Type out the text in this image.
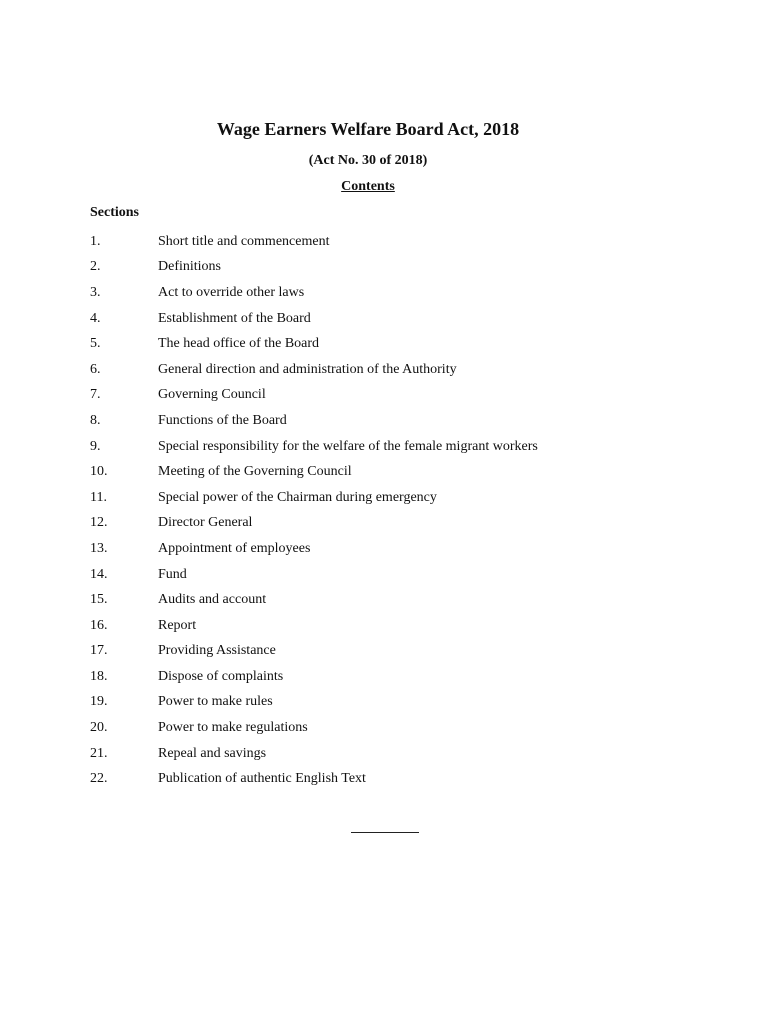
Wage Earners Welfare Board Act, 2018
(Act No. 30 of 2018)
Contents
Sections
1.	Short title and commencement
2.	Definitions
3.	Act to override other laws
4.	Establishment of the Board
5.	The head office of the Board
6.	General direction and administration of the Authority
7.	Governing Council
8.	Functions of the Board
9.	Special responsibility for the welfare of the female migrant workers
10.	Meeting of the Governing Council
11.	Special power of the Chairman during emergency
12.	Director General
13.	Appointment of employees
14.	Fund
15.	Audits and account
16.	Report
17.	Providing Assistance
18.	Dispose of complaints
19.	Power to make rules
20.	Power to make regulations
21.	Repeal and savings
22.	Publication of authentic English Text
